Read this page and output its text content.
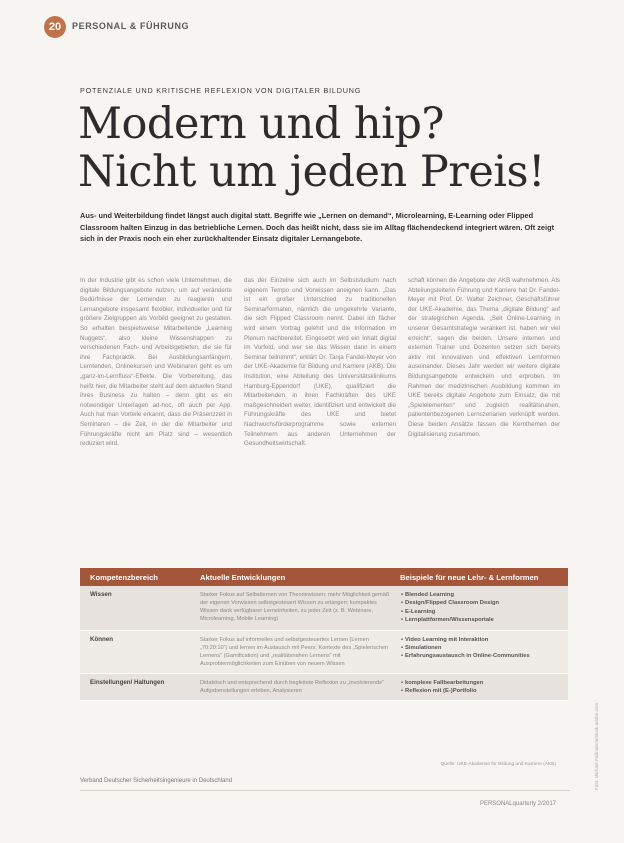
20	PERSONAL & FÜHRUNG
POTENZIALE UND KRITISCHE REFLEXION VON DIGITALER BILDUNG
Modern und hip?
Nicht um jeden Preis!
Aus- und Weiterbildung findet längst auch digital statt. Begriffe wie „Lernen on demand“, Microlearning, E-Learning oder Flipped Classroom halten Einzug in das betriebliche Lernen. Doch das heißt nicht, dass sie im Alltag flächendeckend integriert wären. Oft zeigt sich in der Praxis noch ein eher zurückhaltender Einsatz digitaler Lernangebote.

In der Industrie gibt es schon viele Unternehmen, die digitale Bildungsangebote nutzen, um auf veränderte Bedürfnisse der Lernenden zu reagieren und Lernangebote insgesamt flexibler, individueller und für größere Zielgruppen als Vorbild geeignet zu gestalten. So erhalten beispielsweise Mitarbeitende „Learning Nuggets“, also kleine Wissenshappen zu verschiedenen Fach- und Arbeitsgebieten, die sie für ihre Fachpraktik. Bei Ausbildungsanfängern, Lerntenden, Onlinekursen und Webinaren geht es um „ganz-im-Lernfluss“-Effekte. Die Vorbereitung, das heißt hier, die Mitarbeiter steht auf dem aktuellen Stand ihres Business zu halten – denn gibt es ein notwendiger Unterlagen ad-hoc, oft auch per App. Auch hat man Vorteile erkannt, dass die Präsenzzeit in Seminaren – die Zeit, in der die Mitarbeiter und Führungskräfte nicht am Platz sind – wesentlich reduziert wird.

das der Einzelne sich auch im Selbststudium nach eigenem Tempo und Vorwissen aneignen kann. „Das ist ein großer Unterschied zu traditionellen Seminarformaten, nämlich die umgekehrte Variante, die sich Flipped Classroom nennt. Dabei ich fächer wird einem Vortrag gelehrt und die Information im Plenum nachbereitet. Eingesetzt wird ein Inhalt digital im Vorfeld, und wer sie das Wissen dann in einem Seminar teilnimmt“, erklärt Dr. Tanja Fandel-Meyer von der UKE-Akademie für Bildung und Karriere (AKB). Die Institution, eine Abteilung des Universitätsklinikums Hamburg-Eppendorf (UKE), qualifiziert die Mitarbeitenden in ihren Fachkräften des UKE maßgeschneidert weiter, identifiziert und entwickelt die Führungskräfte des UKE und bietet Nachwuchsförderprogramme sowie externen Teilnehmern aus anderen Unternehmen der Gesundheitswirtschaft.

schaft können die Angebote der AKB wahrnehmen. Als Abteilungsleiterin Führung und Karriere hat Dr. Fandel-Meyer mit Prof. Dr. Walter Zeichner, Geschäftsführer der UKE-Akademie, das Thema „digitale Bildung“ auf der strategischen Agenda. „Seit Online-Learning in unserer Gesamtstrategie verankert ist, haben wir viel erreicht“, sagen die beiden. Unsere internen und externen Trainer und Dozenten setzen sich bereits aktiv mit innovativen und effektiven Lernformen auseinander. Dieses Jahr werden wir weitere digitale Bildungsangebote entwickeln und erproben. Im Rahmen der medizinischen Ausbildung kommen im UKE bereits digitale Angebote zum Einsatz, die mit „Spielelementen“ und zugleich realitätsnahen, patientenbezogenen Lernszenarien verknüpft werden. Diese beiden Ansätze fassen die Kernthemen der Digitalisierung zusammen.

Kompetenzbereich	Aktuelle Entwicklungen	Beispiele für neue Lehr- & Lernformen
Wissen	Starker Fokus auf Selbstlernen von Theoriewissen; mehr Möglichkeit gemäß der eigenen Vorwissen selbstgesteuert Wissen zu erlangen; kompaktes Wissen dank verfügbarer Lerneinheiten, zu jeder Zeit (z. B. Webinare, Microlearning, Mobile Learning)
• Blended Learning
• Design/Flipped Classroom Design
• E-Learning
• Lernplattformen/Wissensportale
Können	Starker Fokus auf informelles und selbstgesteuertes Lernen (Lernen „70:20:10“) und lernen im Austausch mit Peers; Kontexte des „Spielerischen Lernens“ (Gamification) und „realitätsnahen Lernens“ mit Ausprobiermöglichkeiten zum Einüben von neuem Wissen
• Video Learning mit Interaktion
• Simulationen
• Erfahrungsaustausch in Online-Communities
Einstellungen/ Haltungen	Didaktisch und entsprechend durch begleitete Reflexion zu „involvierende“ Aufgabenstellungen erleben, Analysieren
• komplexe Fallbearbeitungen
• Reflexion mit (E-)Portfolio
Quelle: UKE-Akademie für Bildung und Karriere (AKB)
Verband Deutscher Sicherheitsingenieure in Deutschland
PERSONALquarterly 2/2017
Foto: Michael Paßnahme/stock.adobe.com
